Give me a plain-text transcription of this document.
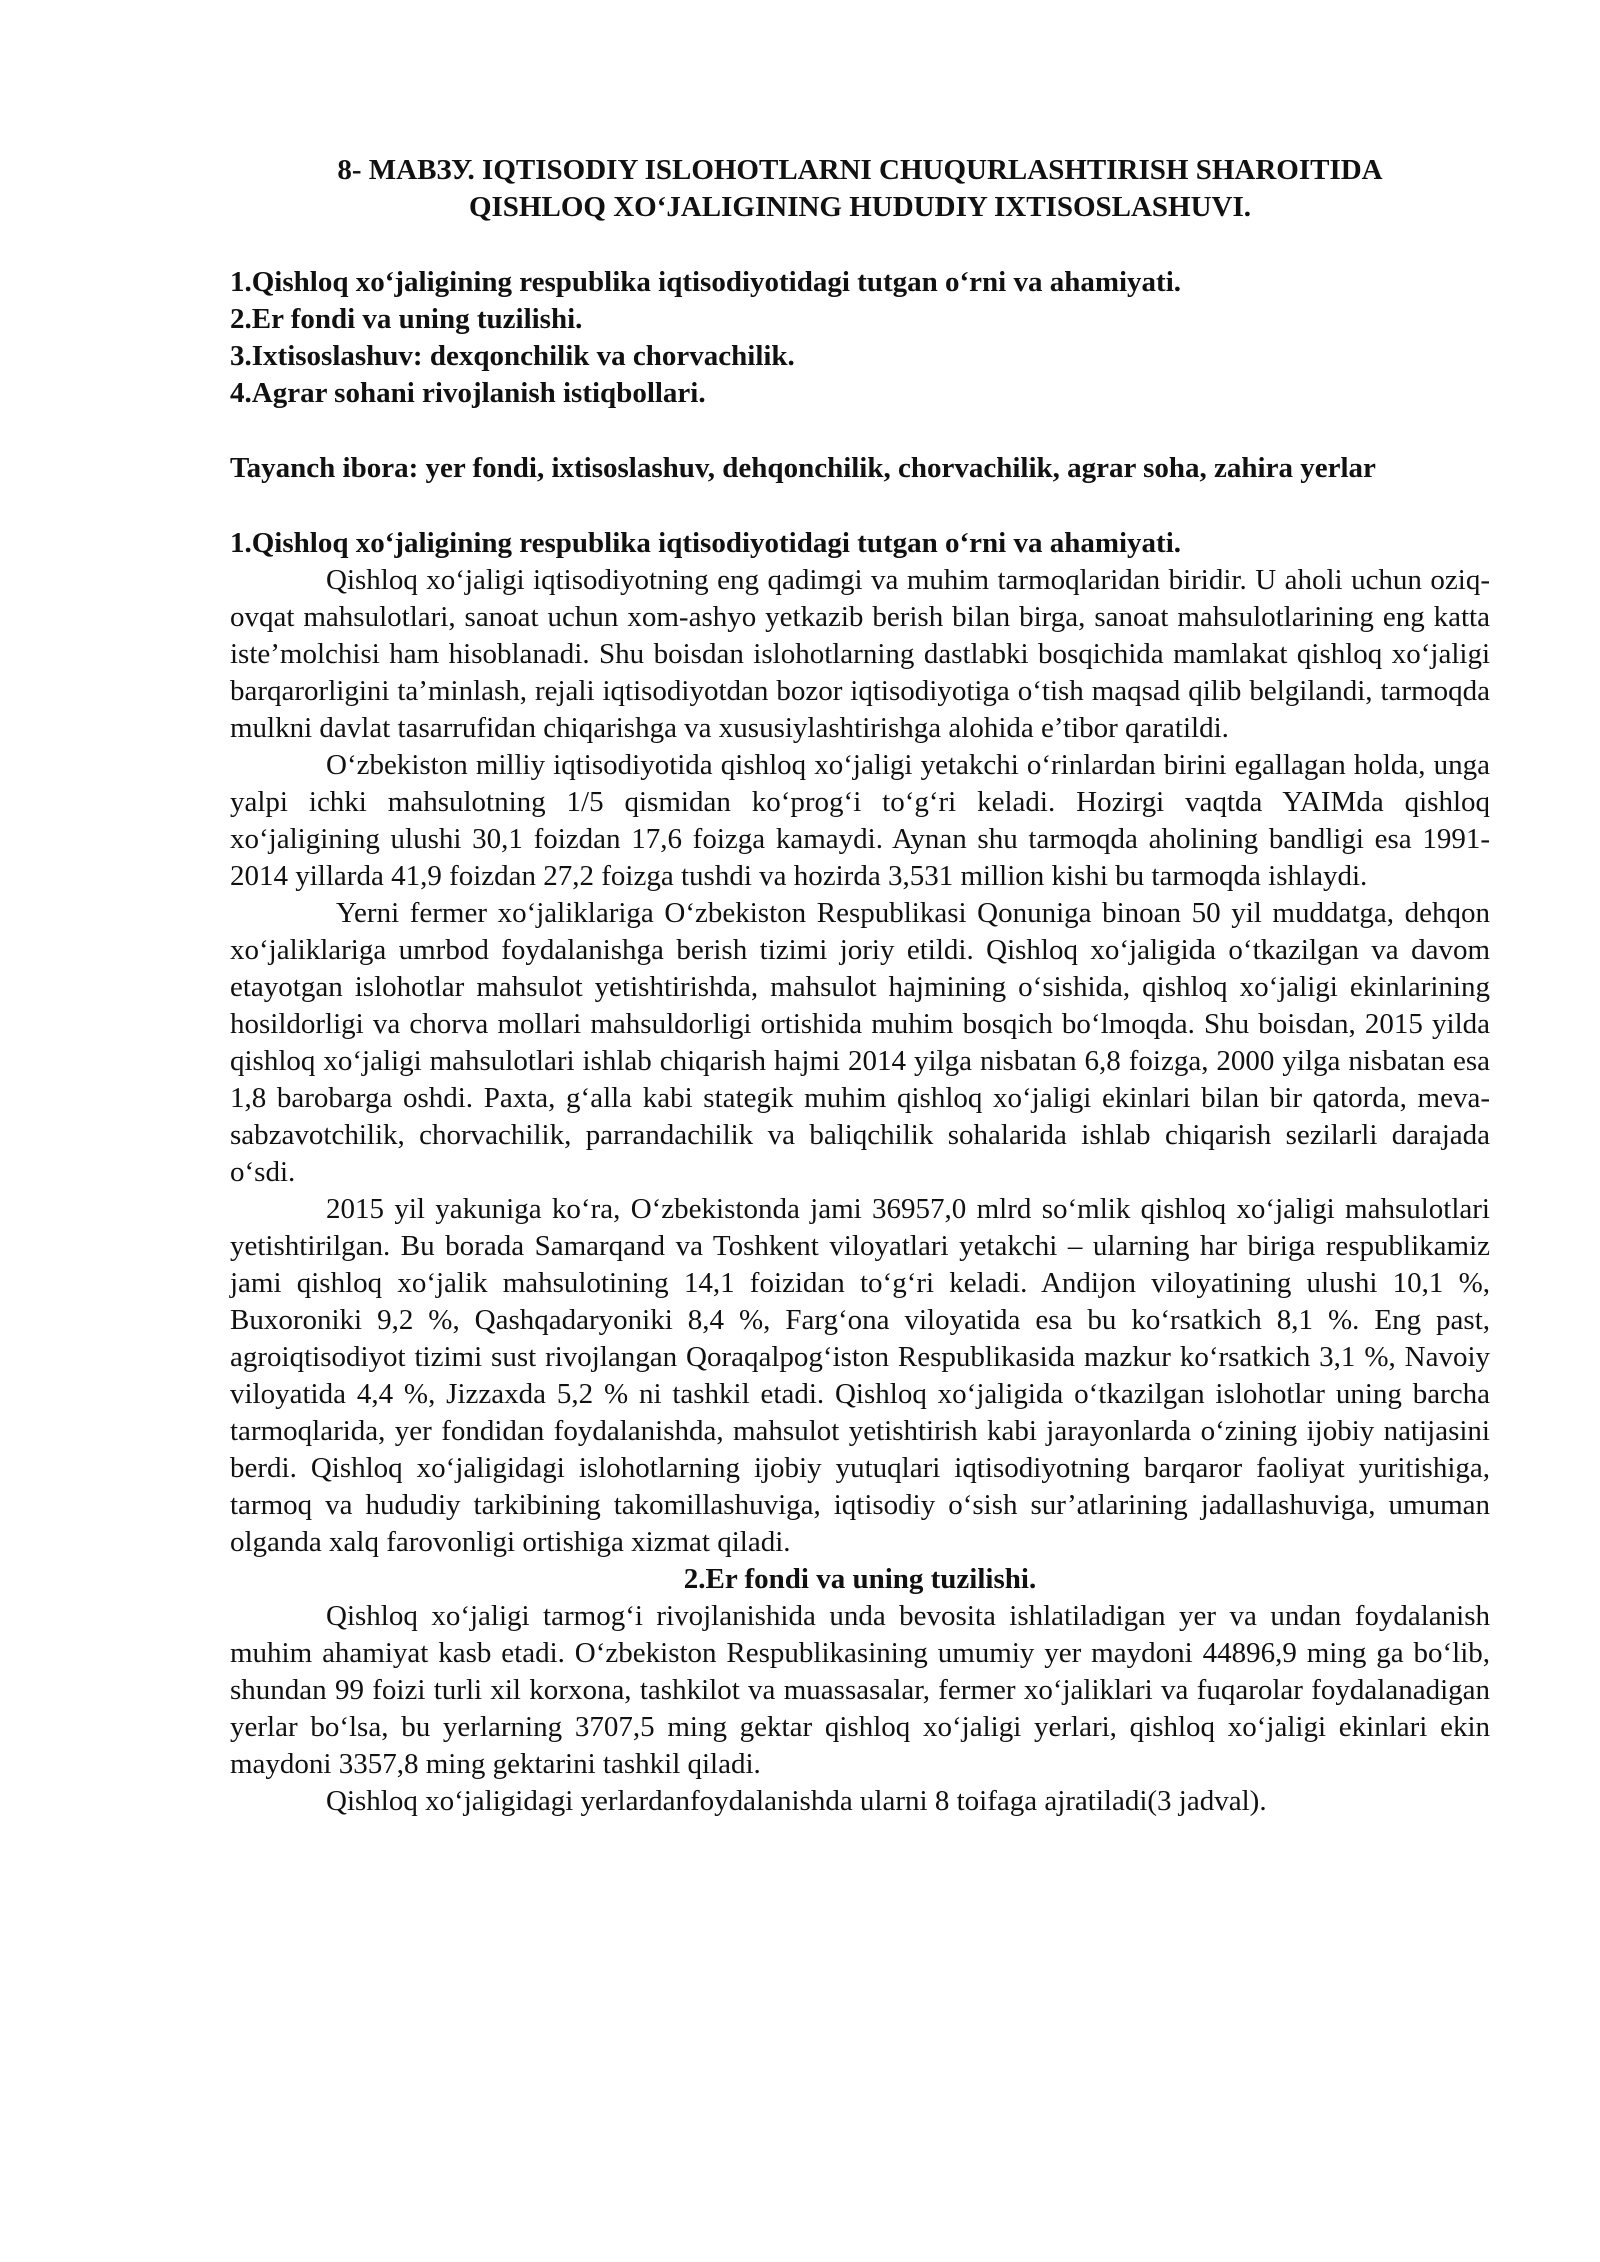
8- МАВЗУ. IQTISODIY ISLOHOTLARNI CHUQURLASHTIRISH SHAROITIDA
QISHLOQ XO‘JALIGINING HUDUDIY IXTISOSLASHUVI.
1.Qishloq xo‘jaligining respublika iqtisodiyotidagi tutgan o‘rni va ahamiyati.
2.Er fondi va uning tuzilishi.
3.Ixtisoslashuv: dexqonchilik va chorvachilik.
4.Agrar sohani rivojlanish istiqbollari.
Tayanch ibora: yer fondi, ixtisoslashuv, dehqonchilik, chorvachilik, agrar soha, zahira yerlar
1.Qishloq xo‘jaligining respublika iqtisodiyotidagi tutgan o‘rni va ahamiyati.

Qishloq xo‘jaligi iqtisodiyotning eng qadimgi va muhim tarmoqlaridan biridir. U aholi uchun oziq-ovqat mahsulotlari, sanoat uchun xom-ashyo yetkazib berish bilan birga, sanoat mahsulotlarining eng katta iste’molchisi ham hisoblanadi. Shu boisdan islohotlarning dastlabki bosqichida mamlakat qishloq xo‘jaligi barqarorligini ta’minlash, rejali iqtisodiyotdan bozor iqtisodiyotiga o‘tish maqsad qilib belgilandi, tarmoqda mulkni davlat tasarrufidan chiqarishga va xususiylashtirishga alohida e’tibor qaratildi.

O‘zbekiston milliy iqtisodiyotida qishloq xo‘jaligi yetakchi o‘rinlardan birini egallagan holda, unga yalpi ichki mahsulotning 1/5 qismidan ko‘prog‘i to‘g‘ri keladi. Hozirgi vaqtda YAIMda qishloq xo‘jaligining ulushi 30,1 foizdan 17,6 foizga kamaydi. Aynan shu tarmoqda aholining bandligi esa 1991-2014 yillarda 41,9 foizdan 27,2 foizga tushdi va hozirda 3,531 million kishi bu tarmoqda ishlaydi.

Yerni fermer xo‘jaliklariga O‘zbekiston Respublikasi Qonuniga binoan 50 yil muddatga, dehqon xo‘jaliklariga umrbod foydalanishga berish tizimi joriy etildi. Qishloq xo‘jaligida o‘tkazilgan va davom etayotgan islohotlar mahsulot yetishtirishda, mahsulot hajmining o‘sishida, qishloq xo‘jaligi ekinlarining hosildorligi va chorva mollari mahsuldorligi ortishida muhim bosqich bo‘lmoqda. Shu boisdan, 2015 yilda qishloq xo‘jaligi mahsulotlari ishlab chiqarish hajmi 2014 yilga nisbatan 6,8 foizga, 2000 yilga nisbatan esa 1,8 barobarga oshdi. Paxta, g‘alla kabi stategik muhim qishloq xo‘jaligi ekinlari bilan bir qatorda, meva-sabzavotchilik, chorvachilik, parrandachilik va baliqchilik sohalarida ishlab chiqarish sezilarli darajada o‘sdi.

2015 yil yakuniga ko‘ra, O‘zbekistonda jami 36957,0 mlrd so‘mlik qishloq xo‘jaligi mahsulotlari yetishtirilgan. Bu borada Samarqand va Toshkent viloyatlari yetakchi – ularning har biriga respublikamiz jami qishloq xo‘jalik mahsulotining 14,1 foizidan to‘g‘ri keladi. Andijon viloyatining ulushi 10,1 %, Buxoroniki 9,2 %, Qashqadaryoniki 8,4 %, Farg‘ona viloyatida esa bu ko‘rsatkich 8,1 %. Eng past, agroiqtisodiyot tizimi sust rivojlangan Qoraqalpog‘iston Respublikasida mazkur ko‘rsatkich 3,1 %, Navoiy viloyatida 4,4 %, Jizzaxda 5,2 % ni tashkil etadi. Qishloq xo‘jaligida o‘tkazilgan islohotlar uning barcha tarmoqlarida, yer fondidan foydalanishda, mahsulot yetishtirish kabi jarayonlarda o‘zining ijobiy natijasini berdi. Qishloq xo‘jaligidagi islohotlarning ijobiy yutuqlari iqtisodiyotning barqaror faoliyat yuritishiga, tarmoq va hududiy tarkibining takomillashuviga, iqtisodiy o‘sish sur’atlarining jadallashuviga, umuman olganda xalq farovonligi ortishiga xizmat qiladi.

2.Er fondi va uning tuzilishi.

Qishloq xo‘jaligi tarmog‘i rivojlanishida unda bevosita ishlatiladigan yer va undan foydalanish muhim ahamiyat kasb etadi. O‘zbekiston Respublikasining umumiy yer maydoni 44896,9 ming ga bo‘lib, shundan 99 foizi turli xil korxona, tashkilot va muassasalar, fermer xo‘jaliklari va fuqarolar foydalanadigan yerlar bo‘lsa, bu yerlarning 3707,5 ming gektar qishloq xo‘jaligi yerlari, qishloq xo‘jaligi ekinlari ekin maydoni 3357,8 ming gektarini tashkil qiladi.

Qishloq xo‘jaligidagi yerlardanfoydalanishda ularni 8 toifaga ajratiladi(3 jadval).
